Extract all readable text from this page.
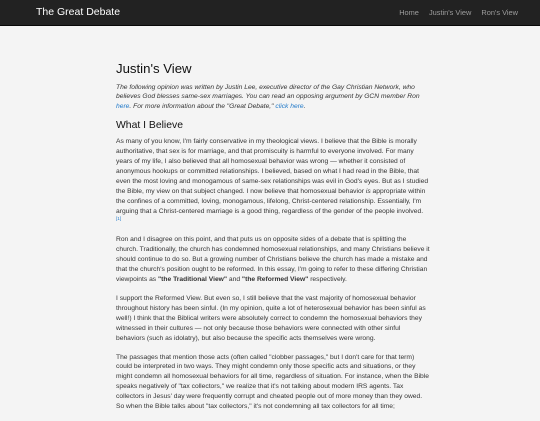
The Great Debate	Home Justin's View Ron's View
Justin's View

The following opinion was written by Justin Lee, executive director of the Gay Christian Network, who believes God blesses same-sex marriages. You can read an opposing argument by GCN member Ron here. For more information about the "Great Debate," click here.

What I Believe

As many of you know, I'm fairly conservative in my theological views. I believe that the Bible is morally authoritative, that sex is for marriage, and that promiscuity is harmful to everyone involved. For many years of my life, I also believed that all homosexual behavior was wrong — whether it consisted of anonymous hookups or committed relationships. I believed, based on what I had read in the Bible, that even the most loving and monogamous of same-sex relationships was evil in God's eyes. But as I studied the Bible, my view on that subject changed. I now believe that homosexual behavior is appropriate within the confines of a committed, loving, monogamous, lifelong, Christ-centered relationship. Essentially, I'm arguing that a Christ-centered marriage is a good thing, regardless of the gender of the people involved. [1]

Ron and I disagree on this point, and that puts us on opposite sides of a debate that is splitting the church. Traditionally, the church has condemned homosexual relationships, and many Christians believe it should continue to do so. But a growing number of Christians believe the church has made a mistake and that the church's position ought to be reformed. In this essay, I'm going to refer to these differing Christian viewpoints as "the Traditional View" and "the Reformed View" respectively.

I support the Reformed View. But even so, I still believe that the vast majority of homosexual behavior throughout history has been sinful. (In my opinion, quite a lot of heterosexual behavior has been sinful as well!) I think that the Biblical writers were absolutely correct to condemn the homosexual behaviors they witnessed in their cultures — not only because those behaviors were connected with other sinful behaviors (such as idolatry), but also because the specific acts themselves were wrong.

The passages that mention those acts (often called "clobber passages," but I don't care for that term) could be interpreted in two ways. They might condemn only those specific acts and situations, or they might condemn all homosexual behaviors for all time, regardless of situation. For instance, when the Bible speaks negatively of "tax collectors," we realize that it's not talking about modern IRS agents. Tax collectors in Jesus' day were frequently corrupt and cheated people out of more money than they owed. So when the Bible talks about "tax collectors," it's not condemning all tax collectors for all time;
